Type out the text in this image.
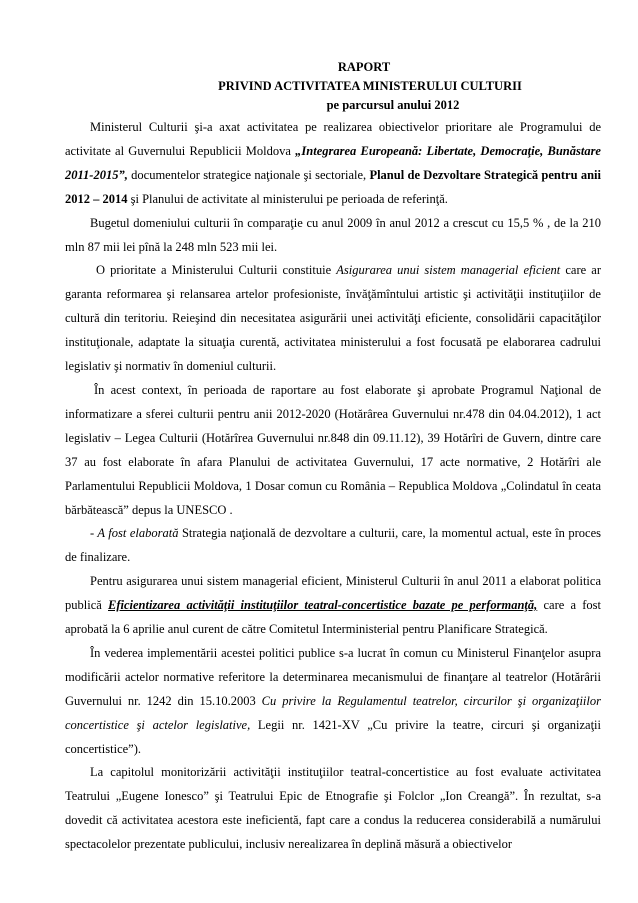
RAPORT
PRIVIND ACTIVITATEA MINISTERULUI CULTURII
pe parcursul anului 2012
Ministerul Culturii şi-a axat activitatea pe realizarea obiectivelor prioritare ale Programului de activitate al Guvernului Republicii Moldova „Integrarea Europeană: Libertate, Democraţie, Bunăstare 2011-2015”, documentelor strategice naţionale şi sectoriale, Planul de Dezvoltare Strategică pentru anii 2012 – 2014 şi Planului de activitate al ministerului pe perioada de referinţă.
Bugetul domeniului culturii în comparaţie cu anul 2009 în anul 2012 a crescut cu 15,5 % , de la 210 mln 87 mii lei pînă la 248 mln 523 mii lei.
O prioritate a Ministerului Culturii constituie Asigurarea unui sistem managerial eficient care ar garanta reformarea şi relansarea artelor profesioniste, învăţămîntului artistic şi activităţii instituţiilor de cultură din teritoriu. Reieşind din necesitatea asigurării unei activităţi eficiente, consolidării capacităţilor instituţionale, adaptate la situaţia curentă, activitatea ministerului a fost focusată pe elaborarea cadrului legislativ şi normativ în domeniul culturii.
În acest context, în perioada de raportare au fost elaborate şi aprobate Programul Naţional de informatizare a sferei culturii pentru anii 2012-2020 (Hotărârea Guvernului nr.478 din 04.04.2012), 1 act legislativ – Legea Culturii (Hotărîrea Guvernului nr.848 din 09.11.12), 39 Hotărîri de Guvern, dintre care 37 au fost elaborate în afara Planului de activitatea Guvernului, 17 acte normative, 2 Hotărîri ale Parlamentului Republicii Moldova, 1 Dosar comun cu România – Republica Moldova „Colindatul în ceata bărbătească” depus la UNESCO .
- A fost elaborată Strategia naţională de dezvoltare a culturii, care, la momentul actual, este în proces de finalizare.
Pentru asigurarea unui sistem managerial eficient, Ministerul Culturii în anul 2011 a elaborat politica publică Eficientizarea activităţii instituţiilor teatral-concertistice bazate pe performanţă, care a fost aprobată la 6 aprilie anul curent de către Comitetul Interministerial pentru Planificare Strategică.
În vederea implementării acestei politici publice s-a lucrat în comun cu Ministerul Finanţelor asupra modificării actelor normative referitore la determinarea mecanismului de finanţare al teatrelor (Hotărârii Guvernului nr. 1242 din 15.10.2003 Cu privire la Regulamentul teatrelor, circurilor şi organizaţiilor concertistice şi actelor legislative, Legii nr. 1421-XV „Cu privire la teatre, circuri şi organizaţii concertistice”).
La capitolul monitorizării activităţii instituţiilor teatral-concertistice au fost evaluate activitatea Teatrului „Eugene Ionesco” şi Teatrului Epic de Etnografie şi Folclor „Ion Creangă”. În rezultat, s-a dovedit că activitatea acestora este ineficientă, fapt care a condus la reducerea considerabilă a numărului spectacolelor prezentate publicului, inclusiv nerealizarea în deplină măsură a obiectivelor
